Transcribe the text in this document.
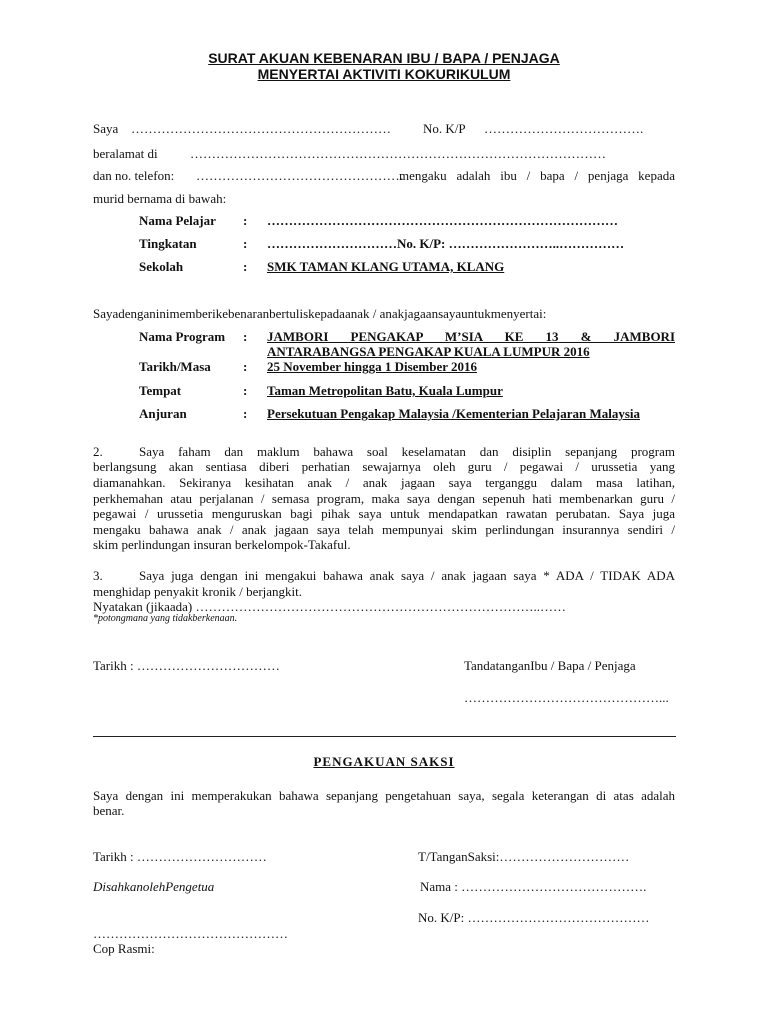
SURAT AKUAN KEBENARAN IBU / BAPA / PENJAGA
MENYERTAI AKTIVITI KOKURIKULUM
Saya …………………………………………………… No. K/P ……………………………….
beralamat di ……………………………………………………………………………………
dan no. telefon: …………………………………………
mengaku adalah ibu / bapa / penjaga kepada
murid bernama di bawah:
Nama Pelajar : ………………………………………………………………………
Tingkatan	: …………………………No. K/P: ……………………..……………
Sekolah	: SMK TAMAN KLANG UTAMA, KLANG
Sayadenganinimemberikebenaranbertuliskepadaanak / anakjagaansayauntukmenyertai:
Nama Program : JAMBORI PENGAKAP M’SIA KE 13 & JAMBORI
ANTARABANGSA PENGAKAP KUALA LUMPUR 2016
Tarikh/Masa : 25 November hingga 1 Disember 2016
Tempat	: Taman Metropolitan Batu, Kuala Lumpur
Anjuran	: Persekutuan Pengakap Malaysia /Kementerian Pelajaran Malaysia
2.	Saya faham dan maklum bahawa soal keselamatan dan disiplin sepanjang program
berlangsung akan sentiasa diberi perhatian sewajarnya oleh guru / pegawai / urussetia yang
diamanahkan. Sekiranya kesihatan anak / anak jagaan saya terganggu dalam masa latihan,
perkhemahan atau perjalanan / semasa program, maka saya dengan sepenuh hati membenarkan guru /
pegawai / urussetia menguruskan bagi pihak saya untuk mendapatkan rawatan perubatan. Saya juga
mengaku bahawa anak / anak jagaan saya telah mempunyai skim perlindungan insurannya sendiri /
skim perlindungan insuran berkelompok-Takaful.
3.	Saya juga dengan ini mengakui bahawa anak saya / anak jagaan saya * ADA / TIDAK ADA
menghidap penyakit kronik / berjangkit.
Nyatakan (jikaada) ……………………………………………………………………..……
*potongmana yang tidakberkenaan.
Tarikh : ……………………………	TandatanganIbu / Bapa / Penjaga
………………………………………...
PENGAKUAN SAKSI
Saya dengan ini memperakukan bahawa sepanjang pengetahuan saya, segala keterangan di atas adalah
benar.
Tarikh : …………………………	T/TanganSaksi:…………………………
DisahkanolehPengetua	Nama : …………………………………….
No. K/P: ……………………………………
………………………………………
Cop Rasmi:
